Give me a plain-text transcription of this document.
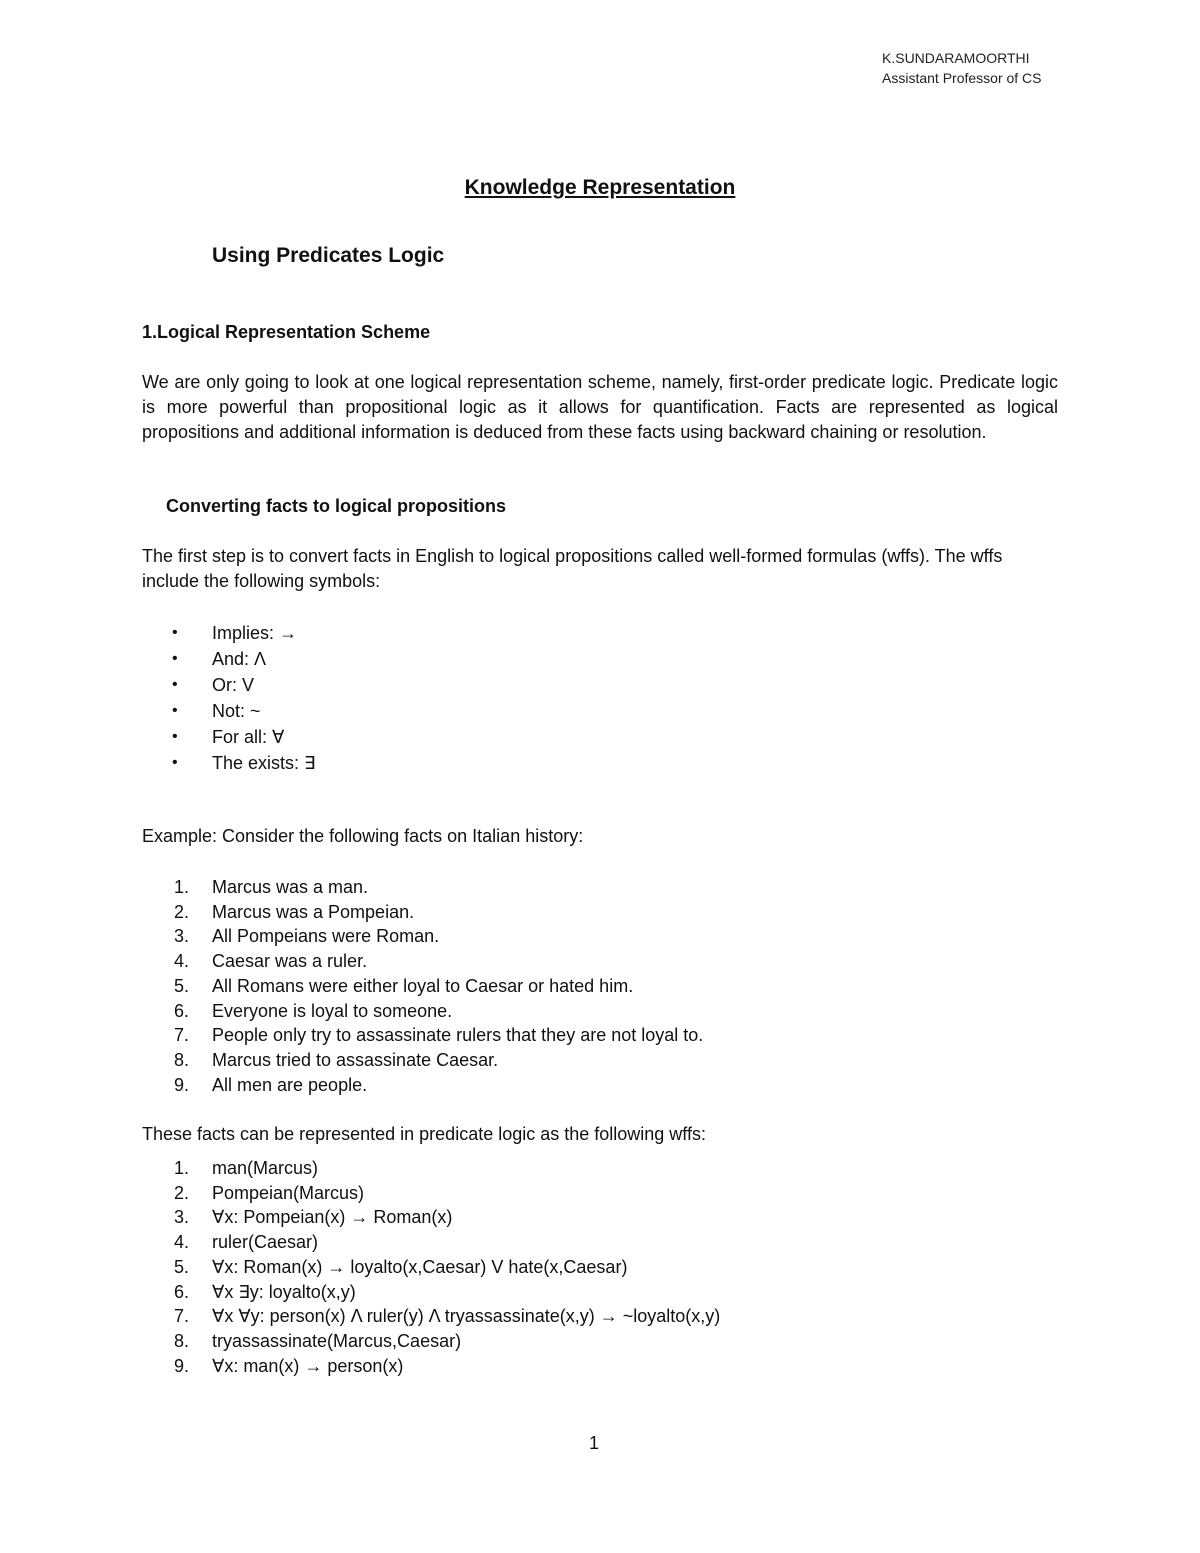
K.SUNDARAMOORTHI
Assistant Professor of CS
Knowledge Representation
Using Predicates Logic
1.Logical Representation Scheme

We are only going to look at one logical representation scheme, namely, first-order predicate logic. Predicate logic is more powerful than propositional logic as it allows for quantification. Facts are represented as logical propositions and additional information is deduced from these facts using backward chaining or resolution.

Converting facts to logical propositions

The first step is to convert facts in English to logical propositions called well-formed formulas (wffs). The wffs include the following symbols:

• Implies: →
• And: Λ
• Or: V
• Not: ~
• For all: ∀
• The exists: ∃
Example: Consider the following facts on Italian history:
1. Marcus was a man.
2. Marcus was a Pompeian.
3. All Pompeians were Roman.
4. Caesar was a ruler.
5. All Romans were either loyal to Caesar or hated him.
6. Everyone is loyal to someone.
7. People only try to assassinate rulers that they are not loyal to.
8. Marcus tried to assassinate Caesar.
9. All men are people.
These facts can be represented in predicate logic as the following wffs:
1. man(Marcus)
2. Pompeian(Marcus)
3. ∀x: Pompeian(x) → Roman(x)
4. ruler(Caesar)
5. ∀x: Roman(x) → loyalto(x,Caesar) V hate(x,Caesar)
6. ∀x ∃y: loyalto(x,y)
7. ∀x ∀y: person(x) Λ ruler(y) Λ tryassassinate(x,y) → ~loyalto(x,y)
8. tryassassinate(Marcus,Caesar)
9. ∀x: man(x) → person(x)
1
